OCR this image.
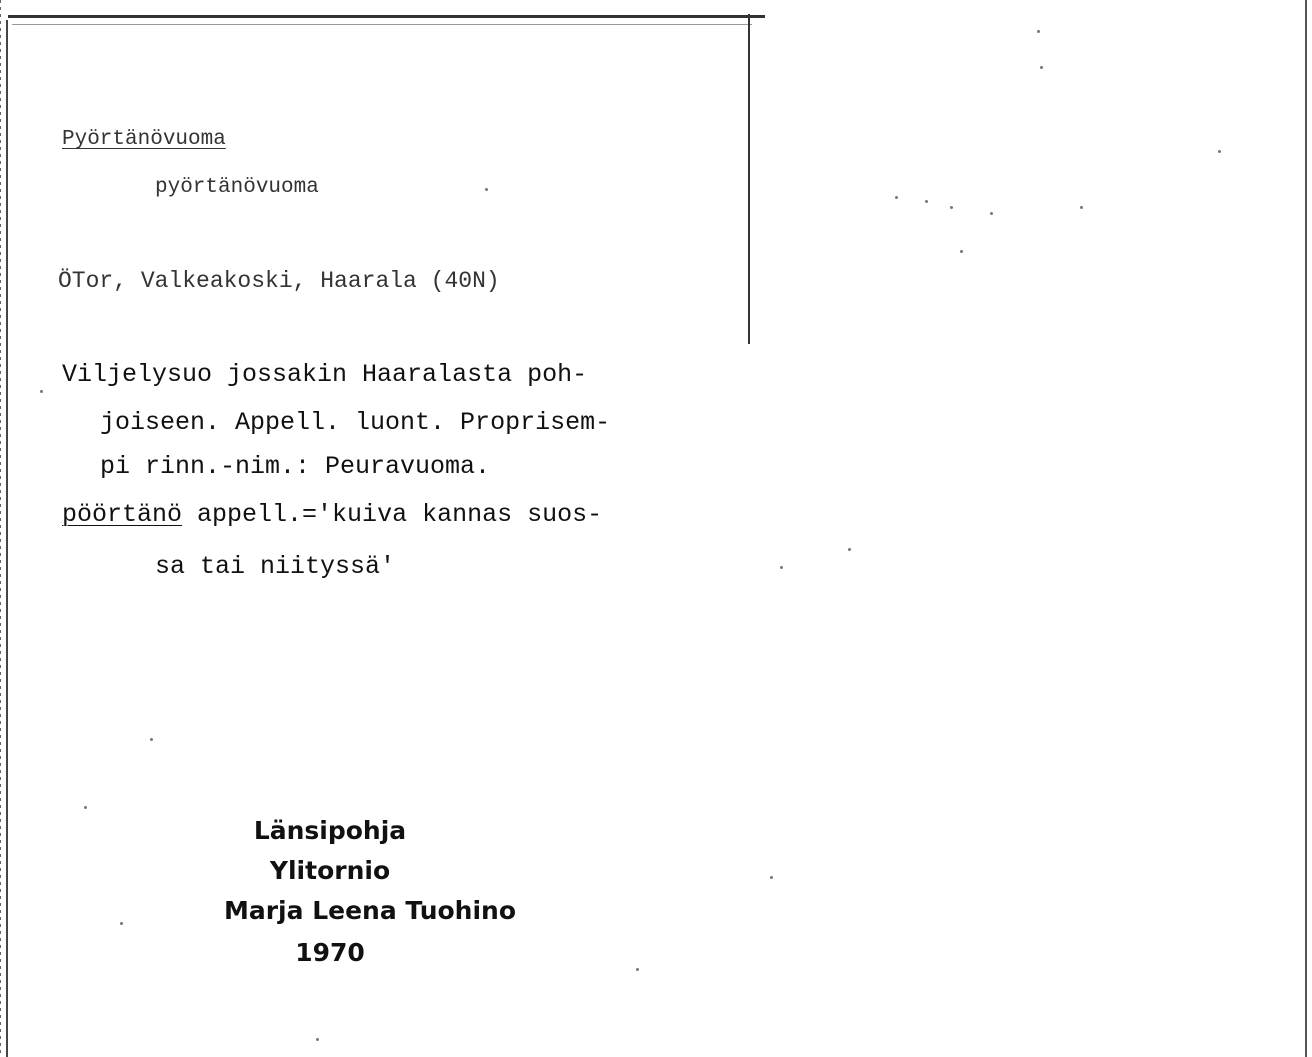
Pyörtänövuoma
pyörtänövuoma
ÖTor, Valkeakoski, Haarala (40N)
Viljelysuo jossakin Haaralasta poh-
joiseen. Appell. luont. Proprisem-
pi rinn.-nim.: Peuravuoma.
pöörtänö appell.='kuiva kannas suos-
sa tai niityssä'
Länsipohja
Ylitornio
Marja Leena Tuohino
1970
